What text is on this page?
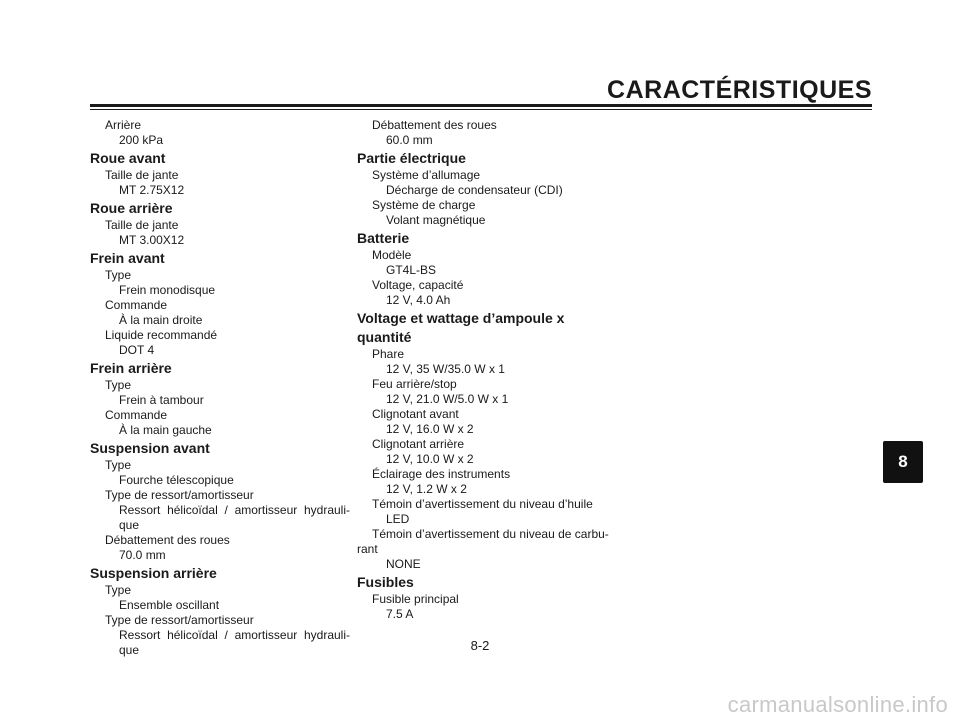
CARACTÉRISTIQUES
Arrière
200 kPa
Roue avant
Taille de jante
MT 2.75X12
Roue arrière
Taille de jante
MT 3.00X12
Frein avant
Type
Frein monodisque
Commande
À la main droite
Liquide recommandé
DOT 4
Frein arrière
Type
Frein à tambour
Commande
À la main gauche
Suspension avant
Type
Fourche télescopique
Type de ressort/amortisseur
Ressort hélicoïdal / amortisseur hydrauli-que
Débattement des roues
70.0 mm
Suspension arrière
Type
Ensemble oscillant
Type de ressort/amortisseur
Ressort hélicoïdal / amortisseur hydrauli-que
Débattement des roues
60.0 mm
Partie électrique
Système d’allumage
Décharge de condensateur (CDI)
Système de charge
Volant magnétique
Batterie
Modèle
GT4L-BS
Voltage, capacité
12 V, 4.0 Ah
Voltage et wattage d’ampoule x quantité
Phare
12 V, 35 W/35.0 W x 1
Feu arrière/stop
12 V, 21.0 W/5.0 W x 1
Clignotant avant
12 V, 16.0 W x 2
Clignotant arrière
12 V, 10.0 W x 2
Éclairage des instruments
12 V, 1.2 W x 2
Témoin d’avertissement du niveau d’huile
LED
Témoin d’avertissement du niveau de carbu-
rant
NONE
Fusibles
Fusible principal
7.5 A
8
8-2
carmanualsonline.info
